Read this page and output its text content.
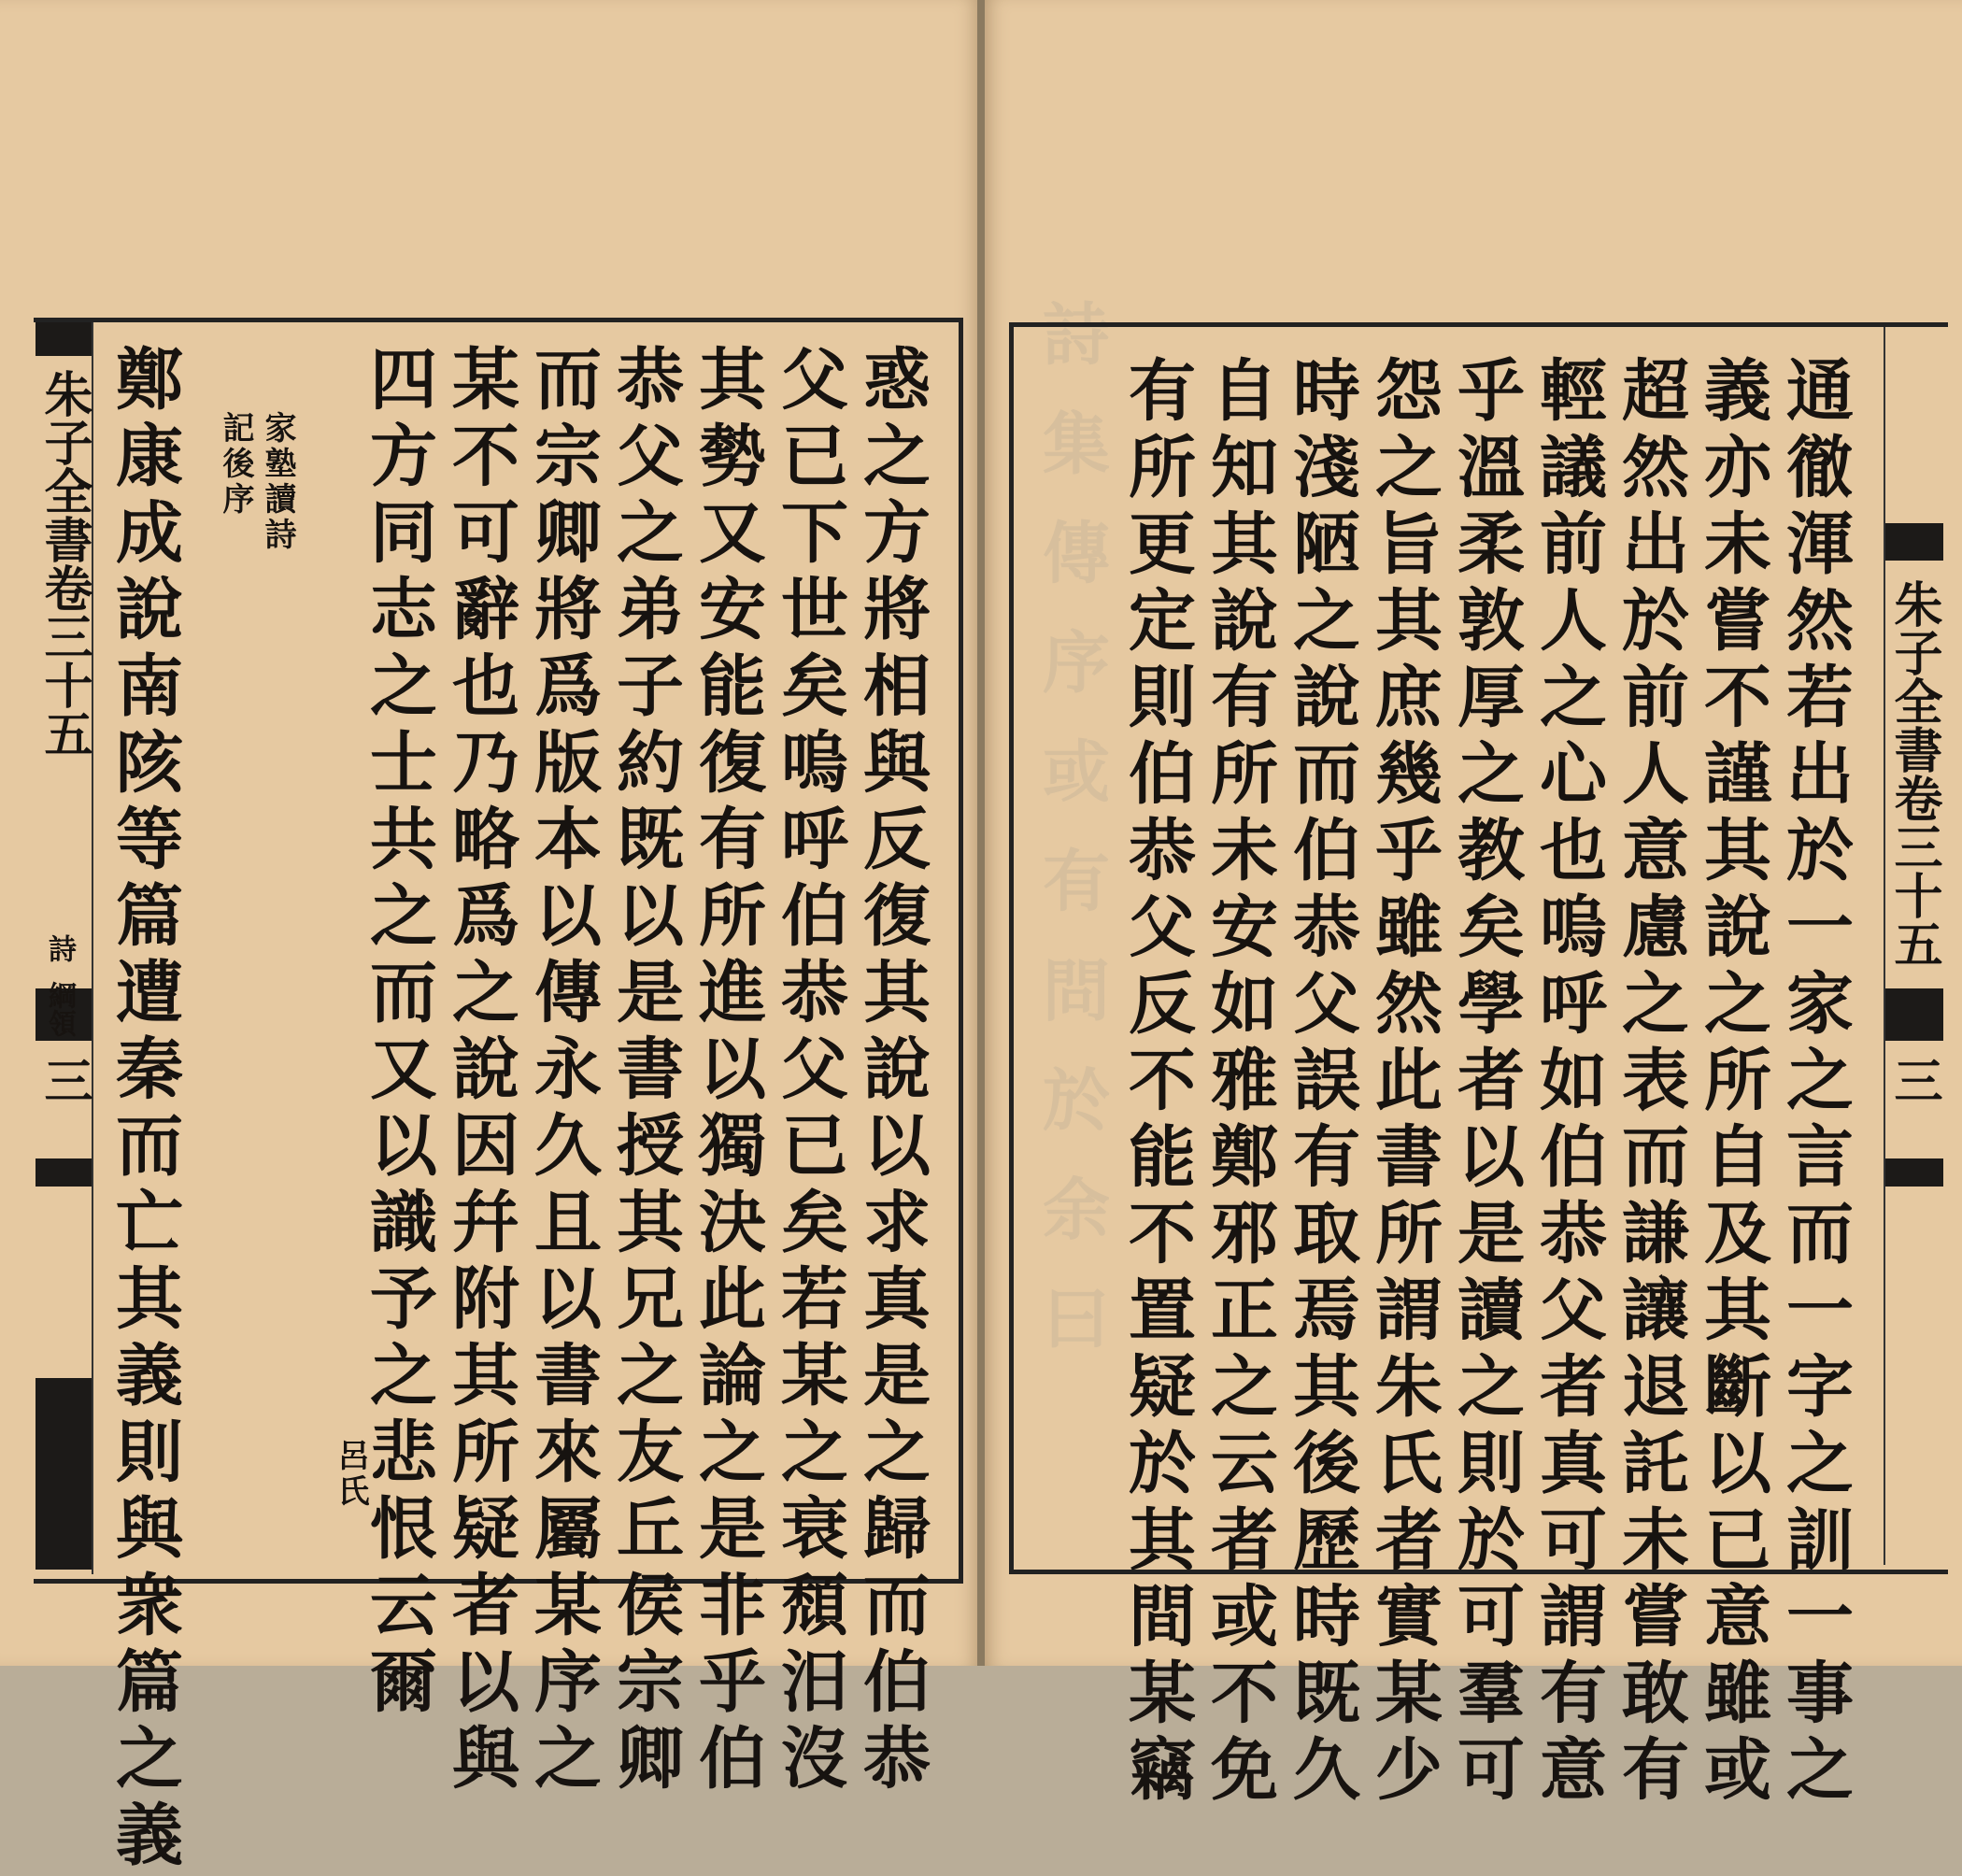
朱子全書卷三十五
詩
綱領
三	惑之方將相與反復其說以求真是之歸而伯恭
父已下世矣嗚呼伯恭父已矣若某之衰頹汨沒
其勢又安能復有所進以獨決此論之是非乎伯
恭父之弟子約既以是書授其兄之友丘侯宗卿
而宗卿將爲版本以傳永久且以書來屬某序之
某不可辭也乃略爲之說因幷附其所疑者以與
四方同志之士共之而又以識予之悲恨云爾
呂氏
家塾讀詩
記後序
鄭康成說南陔等篇遭秦而亡其義則與衆篇之義	詩 集 傳 序 或 有 問 於 余 曰	朱子全書卷三十五
三
通徹渾然若出於一家之言而一字之訓一事之
義亦未嘗不謹其說之所自及其斷以已意雖或
超然出於前人意慮之表而謙讓退託未嘗敢有
輕議前人之心也嗚呼如伯恭父者真可謂有意
乎溫柔敦厚之教矣學者以是讀之則於可羣可
怨之旨其庶幾乎雖然此書所謂朱氏者實某少
時淺陋之說而伯恭父誤有取焉其後歷時既久
自知其說有所未安如雅鄭邪正之云者或不免
有所更定則伯恭父反不能不置疑於其間某竊
